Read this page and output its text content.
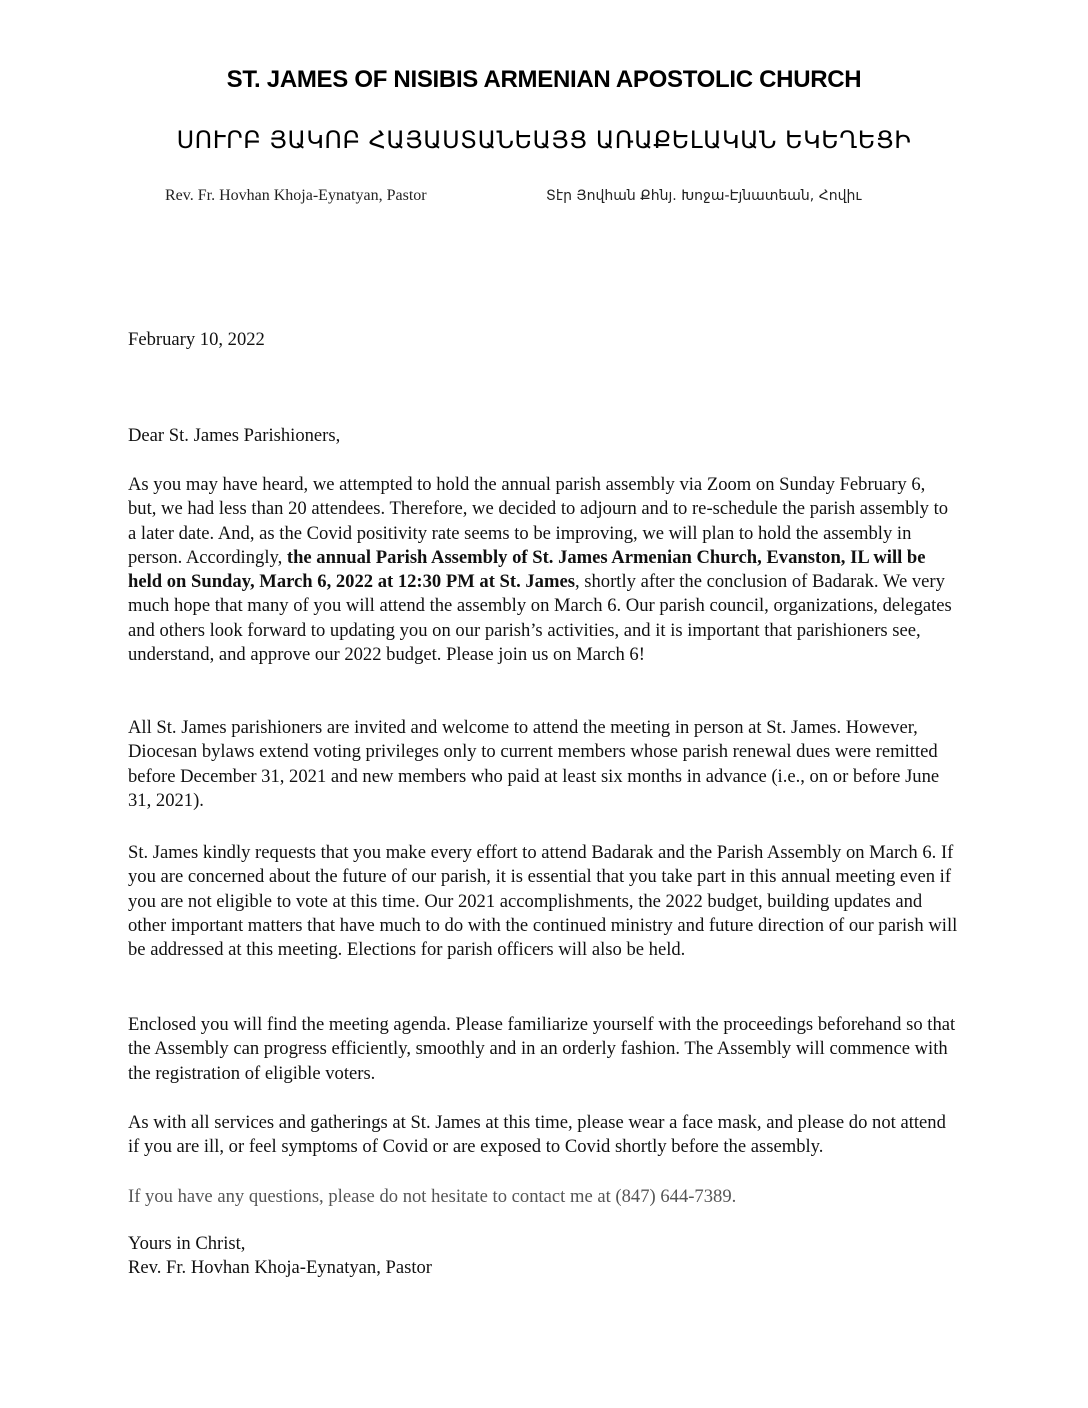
ST. JAMES OF NISIBIS ARMENIAN APOSTOLIC CHURCH
ՍՈՒՐԲ ՅԱԿՈԲ ՀԱՅԱՍՏԱՆԵԱՅՑ ԱՌԱՔԵԼԱԿԱՆ ԵԿԵՂԵՑԻ
Rev. Fr. Hovhan Khoja-Eynatyan, Pastor	Տէր Յովհան Քհնյ. Խոջա-Էյնատեան, Հովիւ
February 10, 2022
Dear St. James Parishioners,

As you may have heard, we attempted to hold the annual parish assembly via Zoom on Sunday February 6, but, we had less than 20 attendees. Therefore, we decided to adjourn and to re-schedule the parish assembly to a later date. And, as the Covid positivity rate seems to be improving, we will plan to hold the assembly in person. Accordingly, the annual Parish Assembly of St. James Armenian Church, Evanston, IL will be held on Sunday, March 6, 2022 at 12:30 PM at St. James, shortly after the conclusion of Badarak. We very much hope that many of you will attend the assembly on March 6. Our parish council, organizations, delegates and others look forward to updating you on our parish’s activities, and it is important that parishioners see, understand, and approve our 2022 budget. Please join us on March 6!

All St. James parishioners are invited and welcome to attend the meeting in person at St. James. However, Diocesan bylaws extend voting privileges only to current members whose parish renewal dues were remitted before December 31, 2021 and new members who paid at least six months in advance (i.e., on or before June 31, 2021).

St. James kindly requests that you make every effort to attend Badarak and the Parish Assembly on March 6. If you are concerned about the future of our parish, it is essential that you take part in this annual meeting even if you are not eligible to vote at this time. Our 2021 accomplishments, the 2022 budget, building updates and other important matters that have much to do with the continued ministry and future direction of our parish will be addressed at this meeting. Elections for parish officers will also be held.

Enclosed you will find the meeting agenda. Please familiarize yourself with the proceedings beforehand so that the Assembly can progress efficiently, smoothly and in an orderly fashion. The Assembly will commence with the registration of eligible voters.

As with all services and gatherings at St. James at this time, please wear a face mask, and please do not attend if you are ill, or feel symptoms of Covid or are exposed to Covid shortly before the assembly.

If you have any questions, please do not hesitate to contact me at (847) 644-7389.
Yours in Christ,
Rev. Fr. Hovhan Khoja-Eynatyan, Pastor
